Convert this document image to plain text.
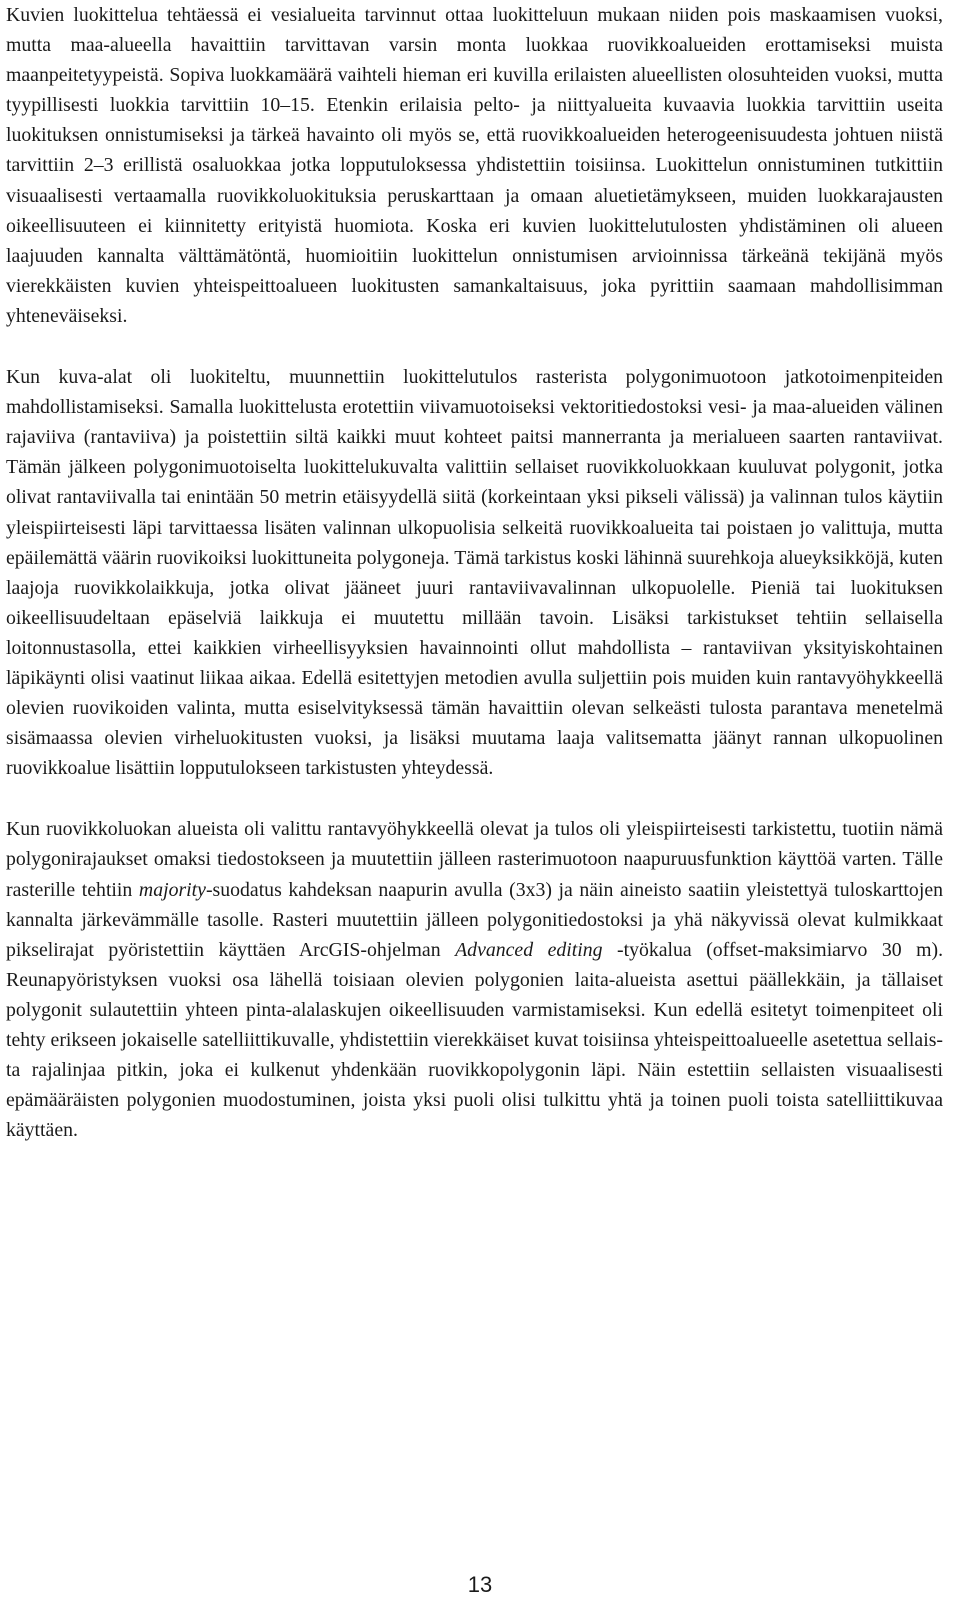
Kuvien luokittelua tehtäessä ei vesialueita tarvinnut ottaa luokitteluun mukaan niiden pois maskaamisen vuoksi, mutta maa-alueella havaittiin tarvittavan varsin monta luokkaa ruovikkoalueiden erottamiseksi muista maanpeitetyypeistä. Sopiva luokkamäärä vaihteli hieman eri kuvilla erilaisten alueellisten olosuhteiden vuoksi, mutta tyypillisesti luokkia tarvittiin 10–15. Etenkin erilaisia pelto- ja niittyalueita kuvaavia luokkia tarvittiin useita luokituksen onnistumiseksi ja tärkeä havainto oli myös se, että ruovikkoalueiden heterogeenisuudesta johtuen niistä tarvittiin 2–3 erillistä osaluokkaa jotka lopputuloksessa yhdistettiin toisiinsa. Luokittelun onnistuminen tutkittiin visuaalisesti vertaamalla ruovikkoluokituksia peruskarttaan ja omaan aluetietämykseen, muiden luokkarajausten oikeellisuuteen ei kiinnitetty erityistä huomiota. Koska eri kuvien luokittelutulosten yhdistäminen oli alueen laajuuden kannalta välttämätöntä, huomioitiin luokittelun onnistumisen arvioinnissa tärkeänä tekijänä myös vierekkäisten kuvien yhteispeittoalueen luokitusten samankaltaisuus, joka pyrittiin saamaan mahdollisimman yhteneväiseksi.

Kun kuva-alat oli luokiteltu, muunnettiin luokittelutulos rasterista polygonimuotoon jatkotoimenpiteiden mahdollistamiseksi. Samalla luokittelusta erotettiin viivamuotoiseksi vektoritiedostoksi vesi- ja maa-alueiden välinen rajaviiva (rantaviiva) ja poistettiin siltä kaikki muut kohteet paitsi mannerranta ja merialueen saarten rantaviivat. Tämän jälkeen polygonimuotoiselta luokittelukuvalta valittiin sellaiset ruovikkoluokkaan kuuluvat polygonit, jotka olivat rantaviivalla tai enintään 50 metrin etäisyydellä siitä (korkeintaan yksi pikseli välissä) ja valinnan tulos käytiin yleispiirteisesti läpi tarvittaessa lisäten valinnan ulkopuolisia selkeitä ruovikkoalueita tai poistaen jo valittuja, mutta epäilemättä väärin ruovikoiksi luokittuneita polygoneja. Tämä tarkistus koski lähinnä suurehkoja alueyksikköjä, kuten laajoja ruovikkolaikkuja, jotka olivat jääneet juuri rantaviivavalinnan ulkopuolelle. Pieniä tai luokituksen oikeellisuudeltaan epäselviä laikkuja ei muutettu millään tavoin. Lisäksi tarkistukset tehtiin sellaisella loitonnustasolla, ettei kaikkien virheellisyyksien havainnointi ollut mahdollista – rantaviivan yksityiskohtainen läpikäynti olisi vaatinut liikaa aikaa. Edellä esitettyjen metodien avulla suljettiin pois muiden kuin rantavyöhykkeellä olevien ruovikoiden valinta, mutta esiselvityksessä tämän havaittiin olevan selkeästi tulosta parantava menetelmä sisämaassa olevien virheluokitusten vuoksi, ja lisäksi muutama laaja valitsematta jäänyt rannan ulkopuolinen ruovikkoalue lisättiin lopputulokseen tarkistusten yhteydessä.

Kun ruovikkoluokan alueista oli valittu rantavyöhykkeellä olevat ja tulos oli yleispiirteisesti tarkistettu, tuotiin nämä polygonirajaukset omaksi tiedostokseen ja muutettiin jälleen rasterimuotoon naapuruusfunktion käyttöä varten. Tälle rasterille tehtiin majority-suodatus kahdeksan naapurin avulla (3x3) ja näin aineisto saatiin yleistettyä tuloskarttojen kannalta järkevämmälle tasolle. Rasteri muutettiin jälleen polygonitiedostoksi ja yhä näkyvissä olevat kulmikkaat pikselirajat pyöristettiin käyttäen ArcGIS-ohjelman Advanced editing -työkalua (offset-maksimiarvo 30 m). Reunapyöristyksen vuoksi osa lähellä toisiaan olevien polygonien laita-alueista asettui päällekkäin, ja tällaiset polygonit sulautettiin yhteen pinta-alalaskujen oikeellisuuden varmistamiseksi. Kun edellä esitetyt toimenpiteet oli tehty erikseen jokaiselle satelliittikuvalle, yhdistettiin vierekkäiset kuvat toisiinsa yhteispeittoalueelle asetettua sellaista rajalinjaa pitkin, joka ei kulkenut yhdenkään ruovikkopolygonin läpi. Näin estettiin sellaisten visuaalisesti epämääräisten polygonien muodostuminen, joista yksi puoli olisi tulkittu yhtä ja toinen puoli toista satelliittikuvaa käyttäen.

13
